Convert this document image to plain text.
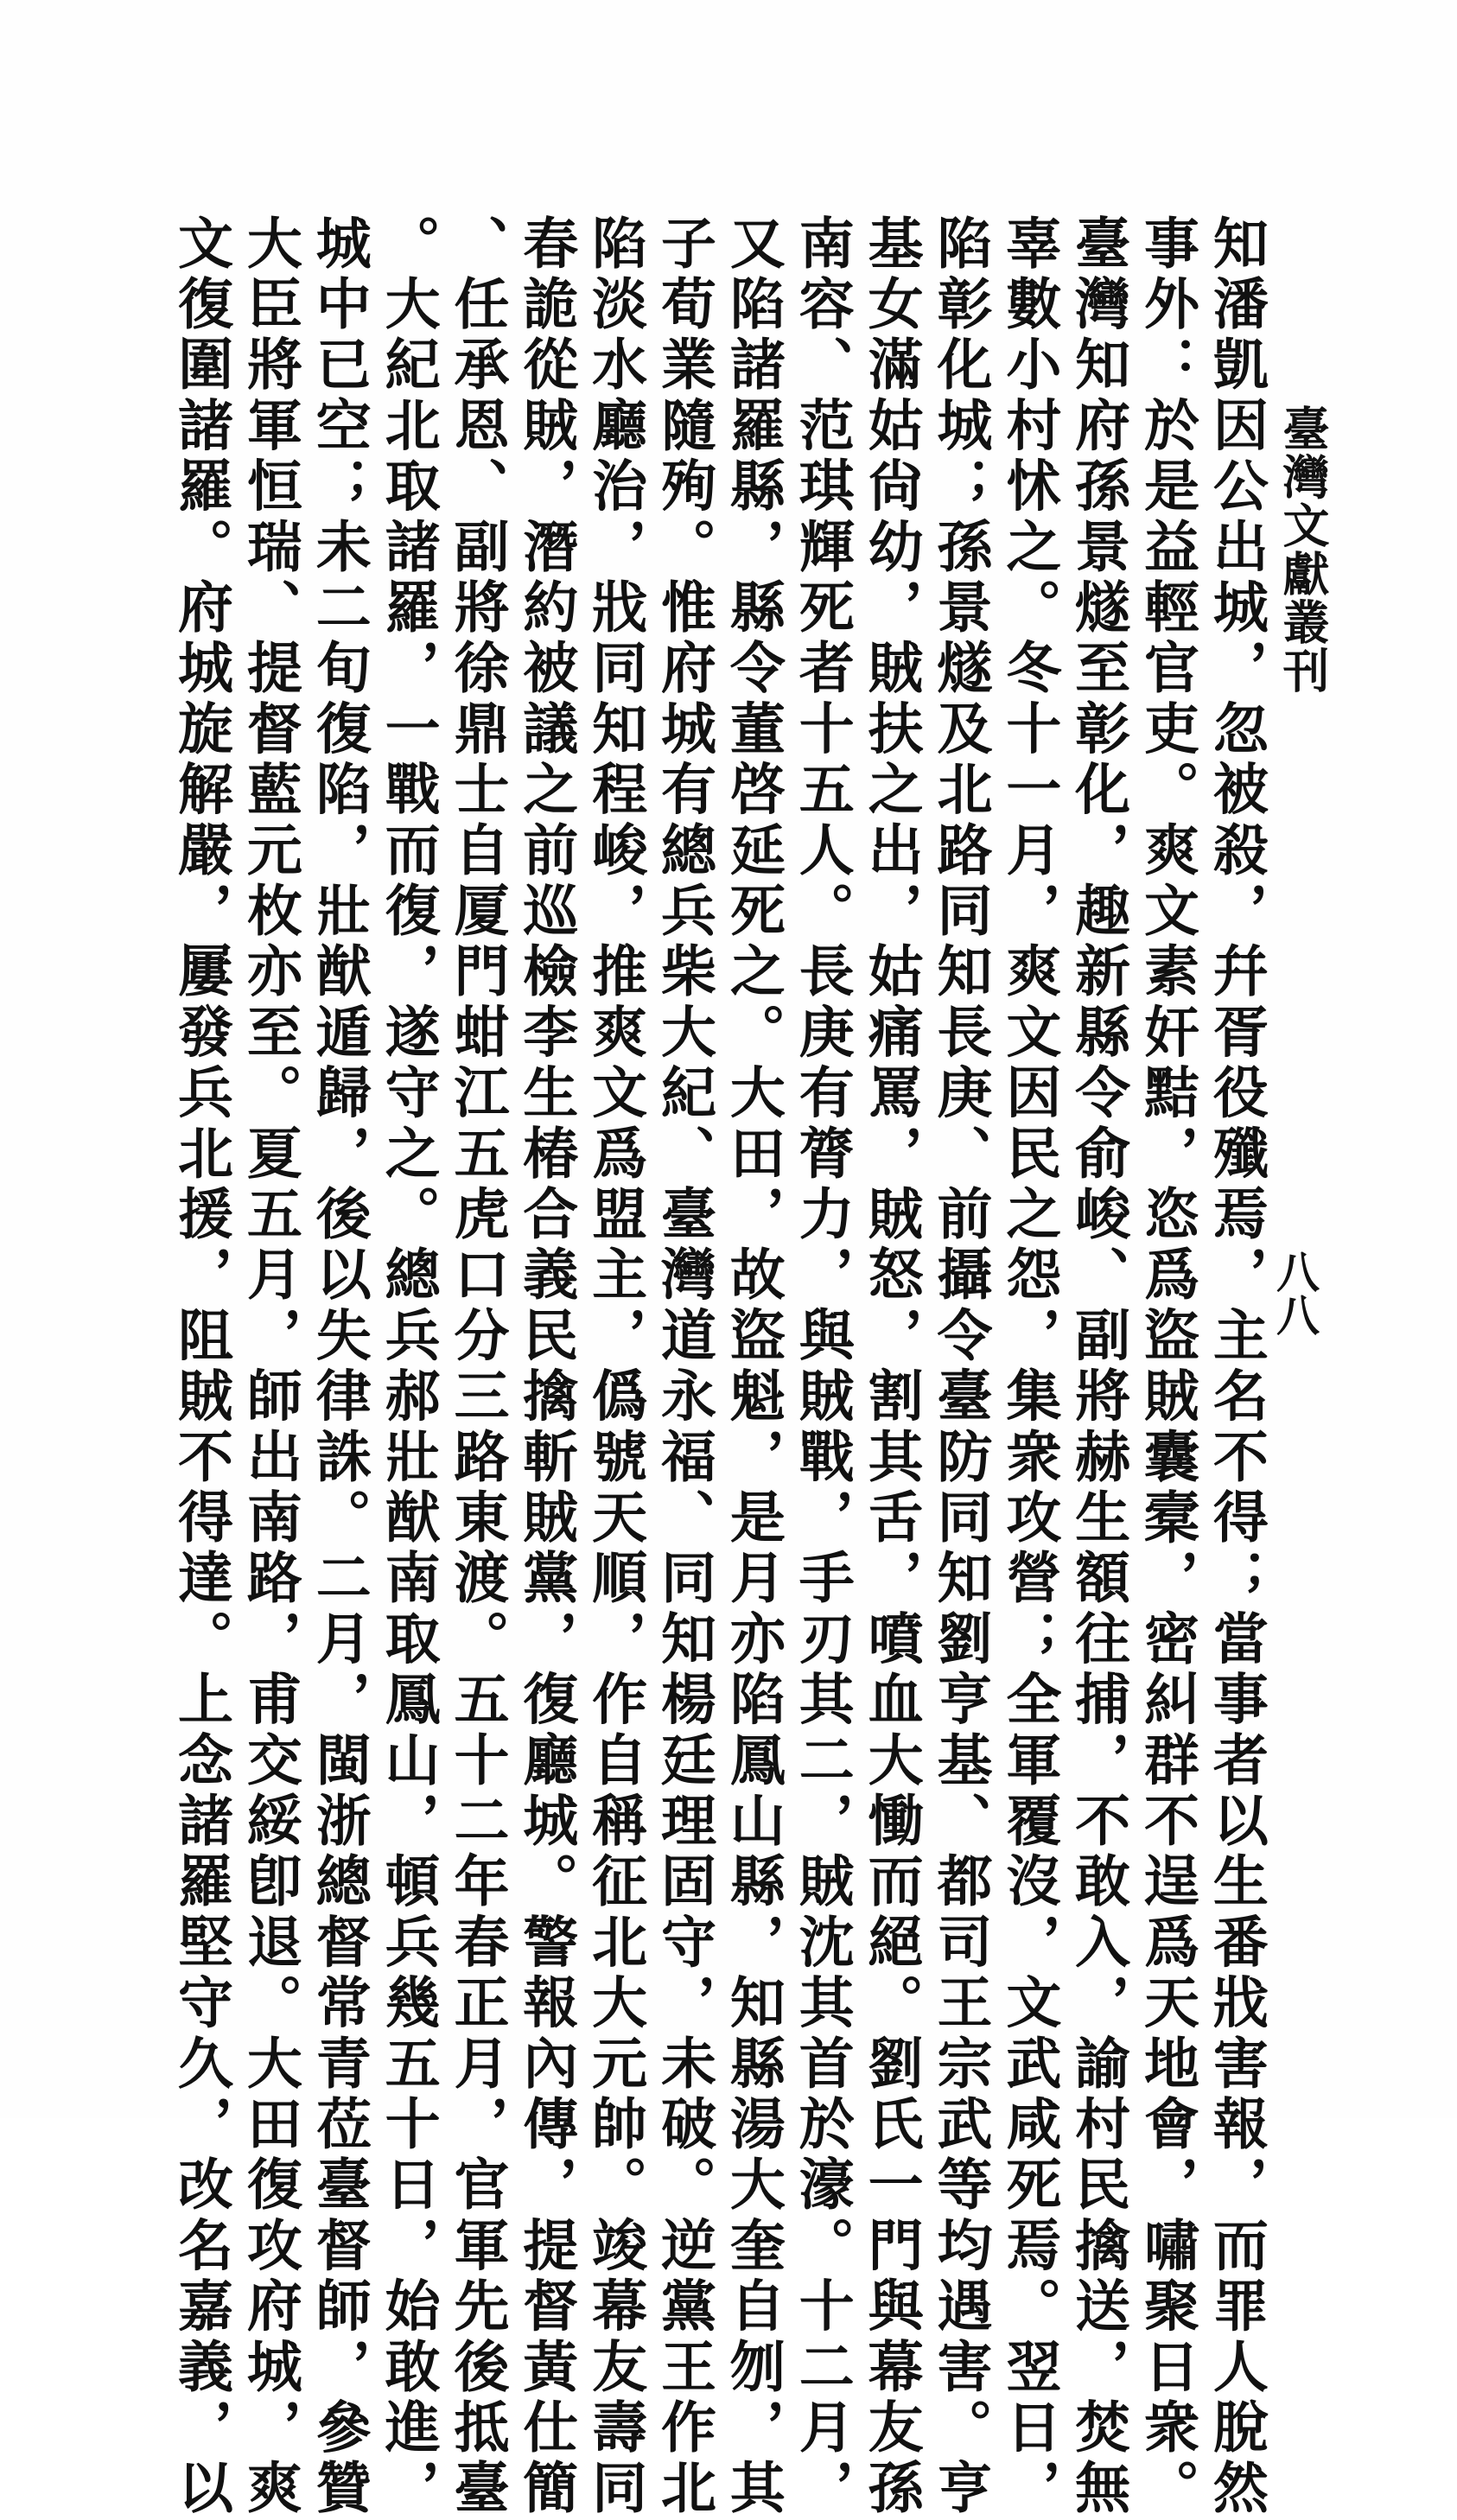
臺灣文獻叢刊
八八
知潘凱因公出城，忽被殺，幷胥役殲焉，主名不得；當事者以生番戕害報，而罪人脫然
事外：於是益輕官吏。爽文素奸黠，恣爲盜賊囊槖，密糾群不逞爲天地會，嘯聚日衆。
臺灣知府孫景燧至彰化，趣新縣令俞峻、副將赫生額往捕，不敢入，諭村民擒送，焚無
辜數小村怵之。冬十一月，爽文因民之怨，集衆攻營；全軍覆沒，文武咸死焉。翌日，
陷彰化城；孫景燧及北路同知長庚、前攝令臺防同知劉亨基、都司王宗武等均遇害。亨
基女滿姑尙幼，賊扶之出，姑痛罵，賊怒，割其舌，噴血大慟而絕。劉氏一門與幕友孫
南容、范琪輝死者十五人。長庚有膂力，與賊戰，手刃其二，賊沈其首於濠。十二月，
又陷諸羅縣，縣令董啓延死之。大田，故盜魁，是月亦陷鳳山縣，知縣湯大奎自刎，其
子荀業隨殉。惟府城有總兵柴大紀、臺灣道永福、同知楊廷理固守，未破。逆黨王作北
陷淡水廳治，戕同知程峻，推爽文爲盟主，僞號天順，作自稱征北大元帥。竣幕友壽同
春詭從賊，潛約被議之前巡檢李生椿合義民擒斬賊黨，復廳城。警報內傳，提督黃仕簡
、任承恩、副將徐鼎士自厦門蚶江五虎口分三路東渡。五十二年春正月，官軍先後抵臺
。大紀北取諸羅，一戰而復，遂守之。總兵郝壯猷南取鳳山，頓兵幾五十日，始敢進，
城中已空；未二旬復陷，壯猷遁歸，後以失律誅。二月，閩浙總督常青莅臺督師，參贊
大臣將軍恒瑞、提督藍元枚亦至。夏五月，師出南路，甫交綏卽退。大田復攻府城，爽
文復圍諸羅。府城旋解嚴，屢發兵北援，阻賊不得達。上念諸羅堅守久，改名嘉義，以
